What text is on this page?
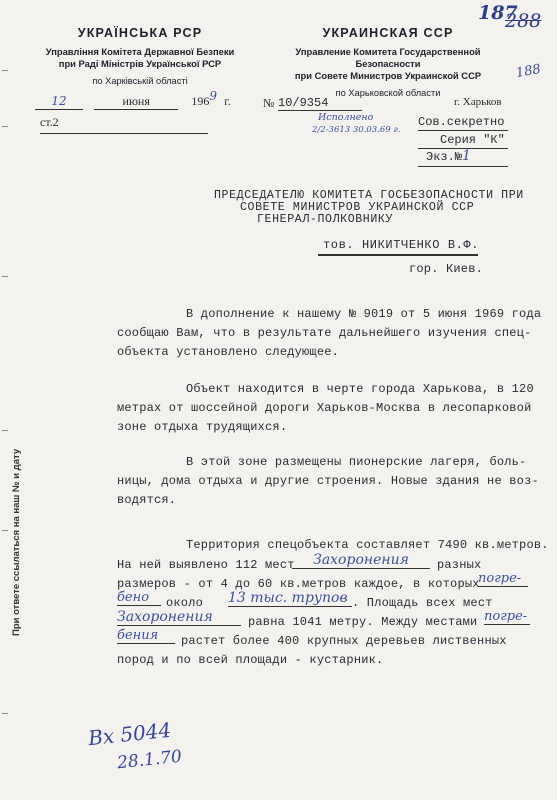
УКРАЇНСЬКА РСР
Управління Комітета Державної Безпеки
при Раді Міністрів Української РСР
по Харківській області
УКРАИНСКАЯ ССР
Управление Комитета Государственной Безопасности
при Совете Министров Украинской ССР
по Харьковской области
187
288
188
12	июня	1969 г.	№ 10/9354	г. Харьков
ст.2	Исполнено
2/2-3613 30.03.69 г.
Сов.секретно
Серия "К"
Экз.№1
ПРЕДСЕДАТЕЛЮ КОМИТЕТА ГОСБЕЗОПАСНОСТИ ПРИ
СОВЕТЕ МИНИСТРОВ УКРАИНСКОЙ ССР
ГЕНЕРАЛ-ПОЛКОВНИКУ
тов. НИКИТЧЕНКО В.Ф.
гор. Киев.
В дополнение к нашему № 9019 от 5 июня 1969 года
сообщаю Вам, что в результате дальнейшего изучения спец-
объекта установлено следующее.
Объект находится в черте города Харькова, в 120
метрах от шоссейной дороги Харьков-Москва в лесопарковой
зоне отдыха трудящихся.
В этой зоне размещены пионерские лагеря, боль-
ницы, дома отдыха и другие строения. Новые здания не воз-
водятся.
Территория спецобъекта составляет 7490 кв.метров.
На ней выявлено 112 мест	Захоронения	разных
размеров - от 4 до 60 кв.метров каждое, в которых
погре-
бено	около 13 тыс. трупов . Площадь всех мест
Захоронения	равна 1041 метру. Между местами погре-
бения	растет более 400 крупных деревьев лиственных
пород и по всей площади - кустарник.
Вх 5044
28.1.70
При ответе ссылаться на наш № и дату
